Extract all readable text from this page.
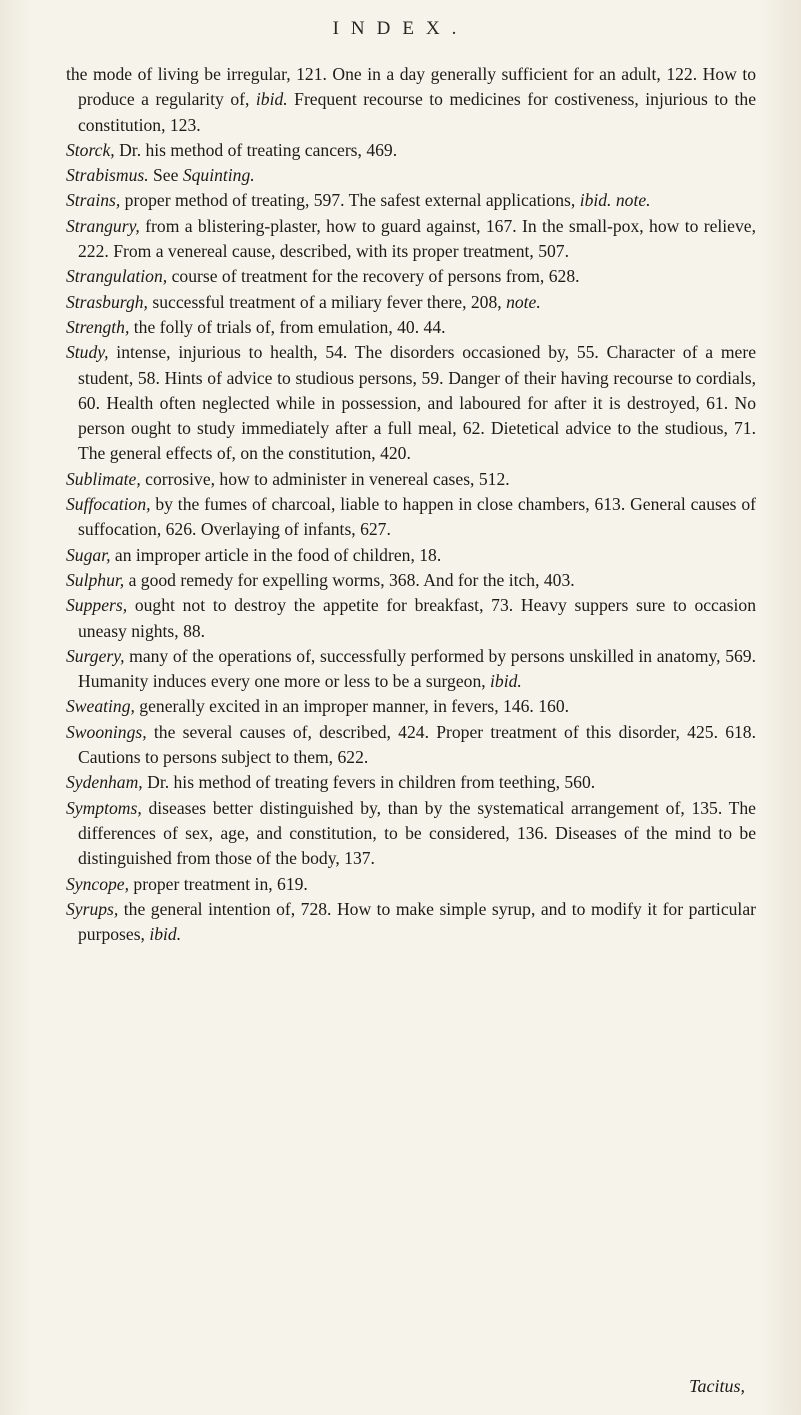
INDEX.

the mode of living be irregular, 121. One in a day generally sufficient for an adult, 122. How to produce a regularity of, ibid. Frequent recourse to medicines for costiveness, injurious to the constitution, 123.

Storck, Dr. his method of treating cancers, 469.

Strabismus. See Squinting.

Strains, proper method of treating, 597. The safest external applications, ibid. note.

Strangury, from a blistering-plaster, how to guard against, 167. In the small-pox, how to relieve, 222. From a venereal cause, described, with its proper treatment, 507.

Strangulation, course of treatment for the recovery of persons from, 628.

Strasburgh, successful treatment of a miliary fever there, 208, note.

Strength, the folly of trials of, from emulation, 40. 44.

Study, intense, injurious to health, 54. The disorders occasioned by, 55. Character of a mere student, 58. Hints of advice to studious persons, 59. Danger of their having recourse to cordials, 60. Health often neglected while in possession, and laboured for after it is destroyed, 61. No person ought to study immediately after a full meal, 62. Dietetical advice to the studious, 71. The general effects of, on the constitution, 420.

Sublimate, corrosive, how to administer in venereal cases, 512.

Suffocation, by the fumes of charcoal, liable to happen in close chambers, 613. General causes of suffocation, 626. Overlaying of infants, 627.

Sugar, an improper article in the food of children, 18.

Sulphur, a good remedy for expelling worms, 368. And for the itch, 403.

Suppers, ought not to destroy the appetite for breakfast, 73. Heavy suppers sure to occasion uneasy nights, 88.

Surgery, many of the operations of, successfully performed by persons unskilled in anatomy, 569. Humanity induces every one more or less to be a surgeon, ibid.

Sweating, generally excited in an improper manner, in fevers, 146. 160.

Swoonings, the several causes of, described, 424. Proper treatment of this disorder, 425. 618. Cautions to persons subject to them, 622.

Sydenham, Dr. his method of treating fevers in children from teething, 560.

Symptoms, diseases better distinguished by, than by the systematical arrangement of, 135. The differences of sex, age, and constitution, to be considered, 136. Diseases of the mind to be distinguished from those of the body, 137.

Syncope, proper treatment in, 619.

Syrups, the general intention of, 728. How to make simple syrup, and to modify it for particular purposes, ibid.

Tacitus,
